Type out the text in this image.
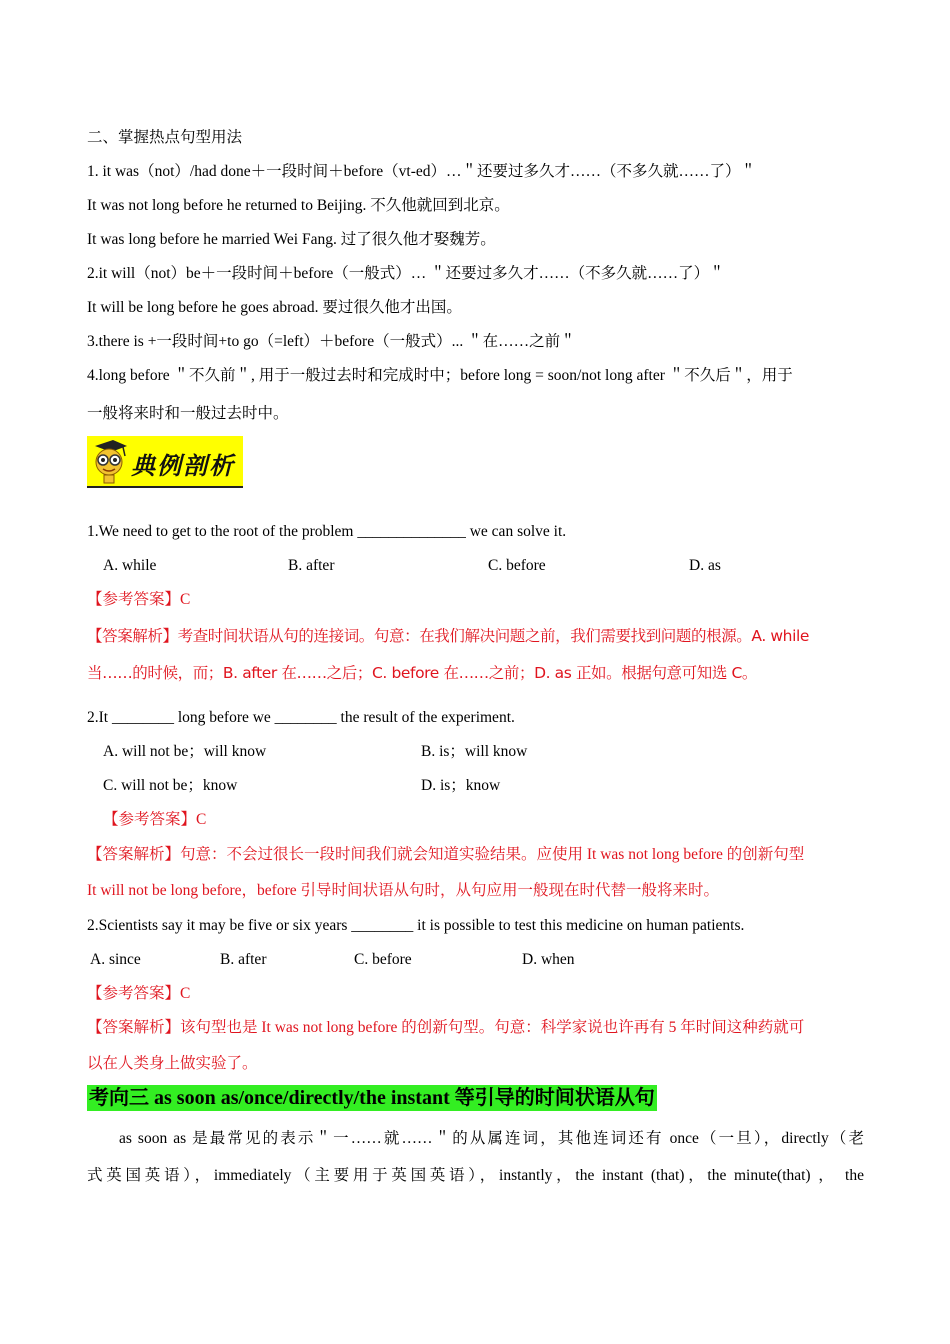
二、掌握热点句型用法
1. it was（not）/had done＋一段时间＋before（vt-ed）…＂还要过多久才……（不多久就……了）＂
It was not long before he returned to Beijing. 不久他就回到北京。
It was long before he married Wei Fang. 过了很久他才娶魏芳。
2.it will（not）be＋一段时间＋before（一般式）… ＂还要过多久才……（不多久就……了）＂
It will be long before he goes abroad. 要过很久他才出国。
3.there is +一段时间+to go（=left）＋before（一般式）... ＂在……之前＂
4.long before ＂不久前＂, 用于一般过去时和完成时中；before long = soon/not long after ＂不久后＂，用于
一般将来时和一般过去时中。
典例剖析
1.We need to get to the root of the problem ______________ we can solve it.
A. while	B. after	C. before	D. as
【参考答案】C
【答案解析】考查时间状语从句的连接词。句意：在我们解决问题之前，我们需要找到问题的根源。A. while
当……的时候，而；B. after 在……之后；C. before 在……之前；D. as 正如。根据句意可知选 C。
2.It ________ long before we ________ the result of the experiment.
A. will not be；will know	B. is；will know
C. will not be；know	D. is；know
【参考答案】C
【答案解析】句意：不会过很长一段时间我们就会知道实验结果。应使用 It was not long before 的创新句型
It will not be long before，before 引导时间状语从句时，从句应用一般现在时代替一般将来时。
2.Scientists say it may be five or six years ________ it is possible to test this medicine on human patients.
A. since	B. after	C. before	D. when
【参考答案】C
【答案解析】该句型也是 It was not long before 的创新句型。句意：科学家说也许再有 5 年时间这种药就可
以在人类身上做实验了。
考向三 as soon as/once/directly/the instant 等引导的时间状语从句
as soon as 是最常见的表示＂一……就……＂的从属连词，其他连词还有 once（一旦），directly（老
式英国英语），immediately（主要用于英国英语），instantly，the instant (that)，the minute(that) ， the
